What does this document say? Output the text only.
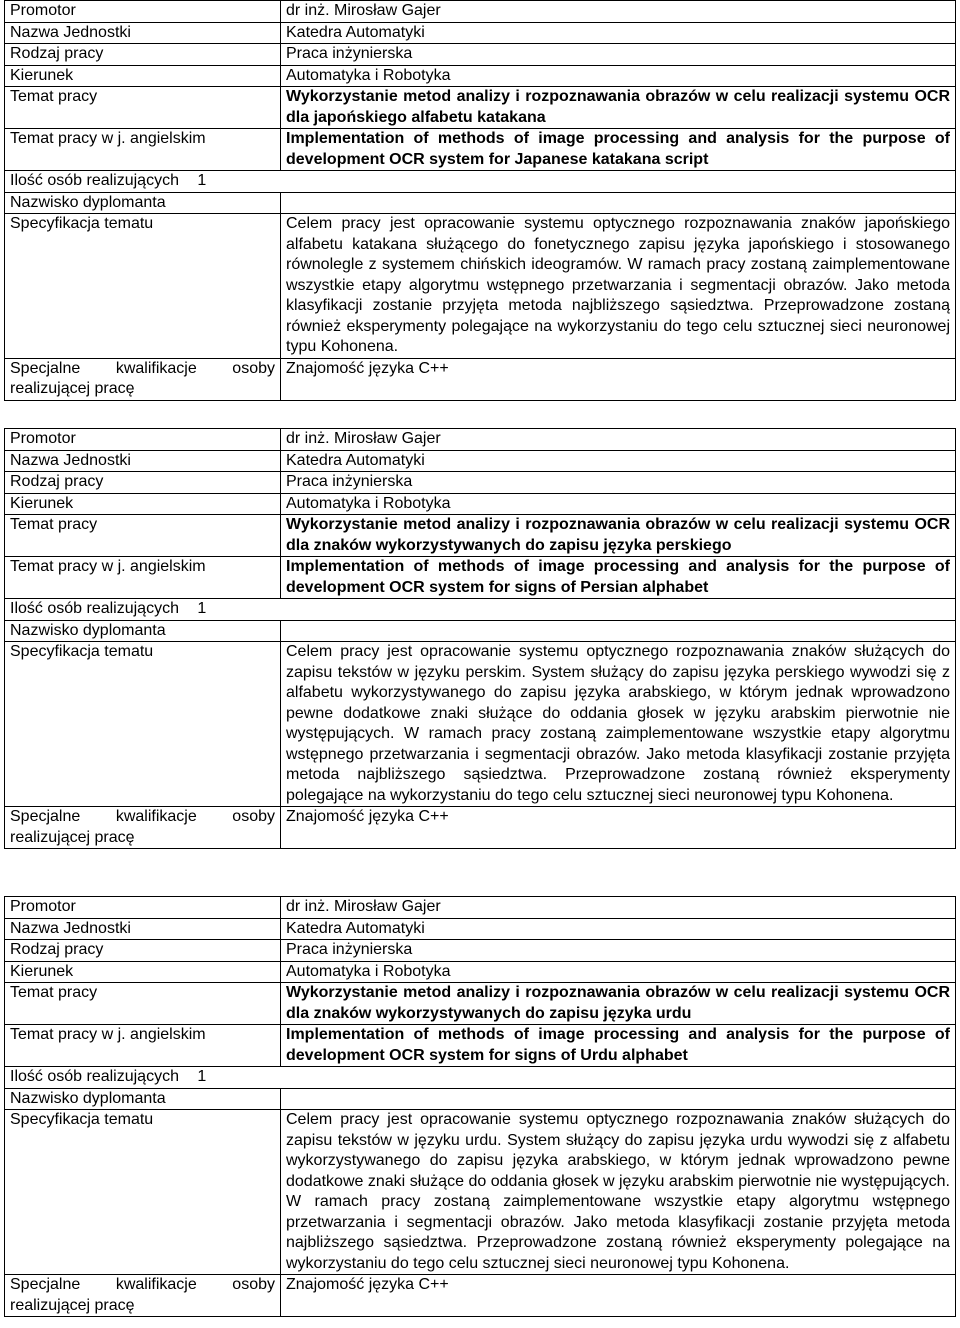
Promotor	dr inż. Mirosław Gajer
Nazwa Jednostki	Katedra Automatyki
Rodzaj pracy	Praca inżynierska
Kierunek	Automatyka i Robotyka
Temat pracy	Wykorzystanie metod analizy i rozpoznawania obrazów w celu realizacji systemu OCR dla japońskiego alfabetu katakana
Temat pracy w j. angielskim	Implementation of methods of image processing and analysis for the purpose of development OCR system for Japanese katakana script
Ilość osób realizujących 1	
Nazwisko dyplomanta	
Specyfikacja tematu	Celem pracy jest opracowanie systemu optycznego rozpoznawania znaków japońskiego alfabetu katakana służącego do fonetycznego zapisu języka japońskiego i stosowanego równolegle z systemem chińskich ideogramów. W ramach pracy zostaną zaimplementowane wszystkie etapy algorytmu wstępnego przetwarzania i segmentacji obrazów. Jako metoda klasyfikacji zostanie przyjęta metoda najbliższego sąsiedztwa. Przeprowadzone zostaną również eksperymenty polegające na wykorzystaniu do tego celu sztucznej sieci neuronowej typu Kohonena.

Specjalne kwalifikacje osoby
realizującej pracę	Znajomość języka C++
Promotor	dr inż. Mirosław Gajer
Nazwa Jednostki	Katedra Automatyki
Rodzaj pracy	Praca inżynierska
Kierunek	Automatyka i Robotyka
Temat pracy	Wykorzystanie metod analizy i rozpoznawania obrazów w celu realizacji systemu OCR dla znaków wykorzystywanych do zapisu języka perskiego
Temat pracy w j. angielskim	Implementation of methods of image processing and analysis for the purpose of development OCR system for signs of Persian alphabet
Ilość osób realizujących 1	
Nazwisko dyplomanta	
Specyfikacja tematu	Celem pracy jest opracowanie systemu optycznego rozpoznawania znaków służących do zapisu tekstów w języku perskim. System służący do zapisu języka perskiego wywodzi się z alfabetu wykorzystywanego do zapisu języka arabskiego, w którym jednak wprowadzono pewne dodatkowe znaki służące do oddania głosek w języku arabskim pierwotnie nie występujących. W ramach pracy zostaną zaimplementowane wszystkie etapy algorytmu wstępnego przetwarzania i segmentacji obrazów. Jako metoda klasyfikacji zostanie przyjęta metoda najbliższego sąsiedztwa. Przeprowadzone zostaną również eksperymenty polegające na wykorzystaniu do tego celu sztucznej sieci neuronowej typu Kohonena.

Specjalne kwalifikacje osoby
realizującej pracę	Znajomość języka C++
Promotor	dr inż. Mirosław Gajer
Nazwa Jednostki	Katedra Automatyki
Rodzaj pracy	Praca inżynierska
Kierunek	Automatyka i Robotyka
Temat pracy	Wykorzystanie metod analizy i rozpoznawania obrazów w celu realizacji systemu OCR dla znaków wykorzystywanych do zapisu języka urdu
Temat pracy w j. angielskim	Implementation of methods of image processing and analysis for the purpose of development OCR system for signs of Urdu alphabet
Ilość osób realizujących 1	
Nazwisko dyplomanta	
Specyfikacja tematu	Celem pracy jest opracowanie systemu optycznego rozpoznawania znaków służących do zapisu tekstów w języku urdu. System służący do zapisu języka urdu wywodzi się z alfabetu wykorzystywanego do zapisu języka arabskiego, w którym jednak wprowadzono pewne dodatkowe znaki służące do oddania głosek w języku arabskim pierwotnie nie występujących. W ramach pracy zostaną zaimplementowane wszystkie etapy algorytmu wstępnego przetwarzania i segmentacji obrazów. Jako metoda klasyfikacji zostanie przyjęta metoda najbliższego sąsiedztwa. Przeprowadzone zostaną również eksperymenty polegające na wykorzystaniu do tego celu sztucznej sieci neuronowej typu Kohonena.

Specjalne kwalifikacje osoby
realizującej pracę	Znajomość języka C++
